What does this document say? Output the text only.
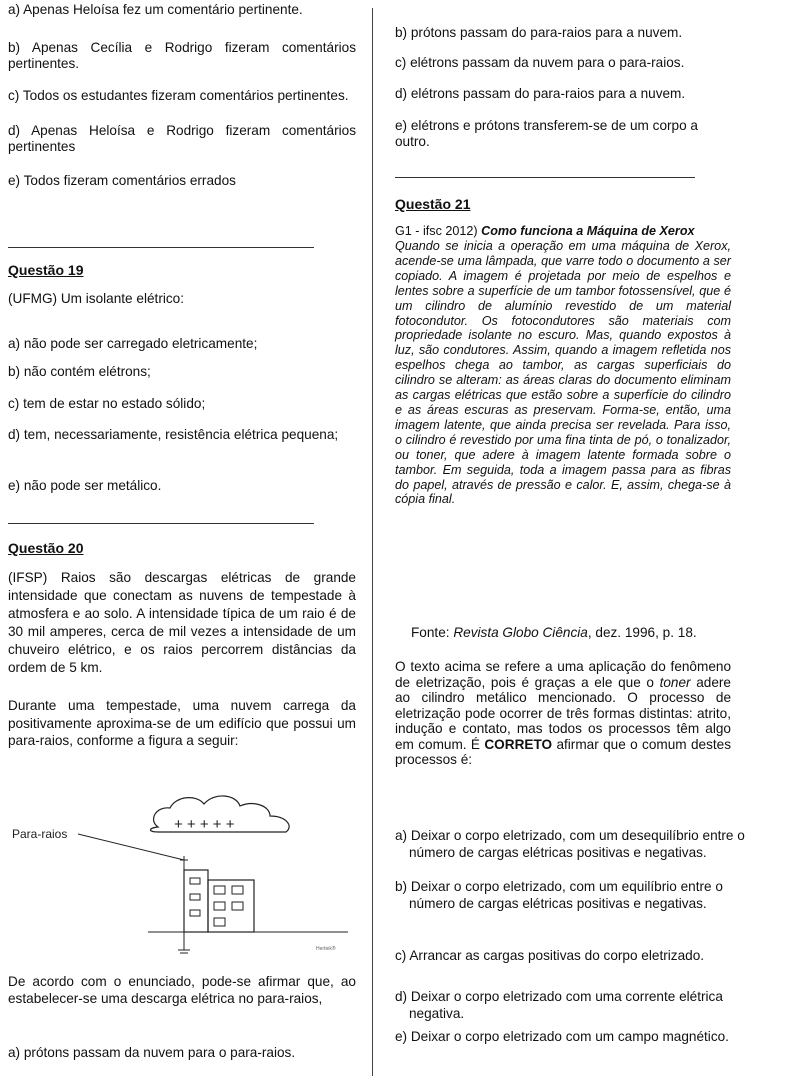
a) Apenas Heloísa fez um comentário pertinente.
b) Apenas Cecília e Rodrigo fizeram comentários pertinentes.
c) Todos os estudantes fizeram comentários pertinentes.
d) Apenas Heloísa e Rodrigo fizeram comentários pertinentes
e) Todos fizeram comentários errados
Questão 19
(UFMG) Um isolante elétrico:
a) não pode ser carregado eletricamente;
b) não contém elétrons;
c) tem de estar no estado sólido;
d) tem, necessariamente, resistência elétrica pequena;
e) não pode ser metálico.
Questão 20
(IFSP) Raios são descargas elétricas de grande intensidade que conectam as nuvens de tempestade à atmosfera e ao solo. A intensidade típica de um raio é de 30 mil amperes, cerca de mil vezes a intensidade de um chuveiro elétrico, e os raios percorrem distâncias da ordem de 5 km.
Durante uma tempestade, uma nuvem carrega da positivamente aproxima-se de um edifício que possui um para-raios, conforme a figura a seguir:
+ + + + +
Para-raios
Hertiek®
De acordo com o enunciado, pode-se afirmar que, ao estabelecer-se uma descarga elétrica no para-raios,
a) prótons passam da nuvem para o para-raios.
b) prótons passam do para-raios para a nuvem.
c) elétrons passam da nuvem para o para-raios.
d) elétrons passam do para-raios para a nuvem.
e) elétrons e prótons transferem-se de um corpo a outro.
Questão 21
G1 - ifsc 2012) Como funciona a Máquina de Xerox
Quando se inicia a operação em uma máquina de Xerox, acende-se uma lâmpada, que varre todo o documento a ser copiado. A imagem é projetada por meio de espelhos e lentes sobre a superfície de um tambor fotossensível, que é um cilindro de alumínio revestido de um material fotocondutor. Os fotocondutores são materiais com propriedade isolante no escuro. Mas, quando expostos à luz, são condutores. Assim, quando a imagem refletida nos espelhos chega ao tambor, as cargas superficiais do cilindro se alteram: as áreas claras do documento eliminam as cargas elétricas que estão sobre a superfície do cilindro e as áreas escuras as preservam. Forma-se, então, uma imagem latente, que ainda precisa ser revelada. Para isso, o cilindro é revestido por uma fina tinta de pó, o tonalizador, ou toner, que adere à imagem latente formada sobre o tambor. Em seguida, toda a imagem passa para as fibras do papel, através de pressão e calor. E, assim, chega-se à cópia final.
Fonte: Revista Globo Ciência, dez. 1996, p. 18.
O texto acima se refere a uma aplicação do fenômeno de eletrização, pois é graças a ele que o toner adere ao cilindro metálico mencionado. O processo de eletrização pode ocorrer de três formas distintas: atrito, indução e contato, mas todos os processos têm algo em comum. É CORRETO afirmar que o comum destes processos é:
a) Deixar o corpo eletrizado, com um desequilíbrio entre o número de cargas elétricas positivas e negativas.
b) Deixar o corpo eletrizado, com um equilíbrio entre o número de cargas elétricas positivas e negativas.
c) Arrancar as cargas positivas do corpo eletrizado.
d) Deixar o corpo eletrizado com uma corrente elétrica negativa.
e) Deixar o corpo eletrizado com um campo magnético.
